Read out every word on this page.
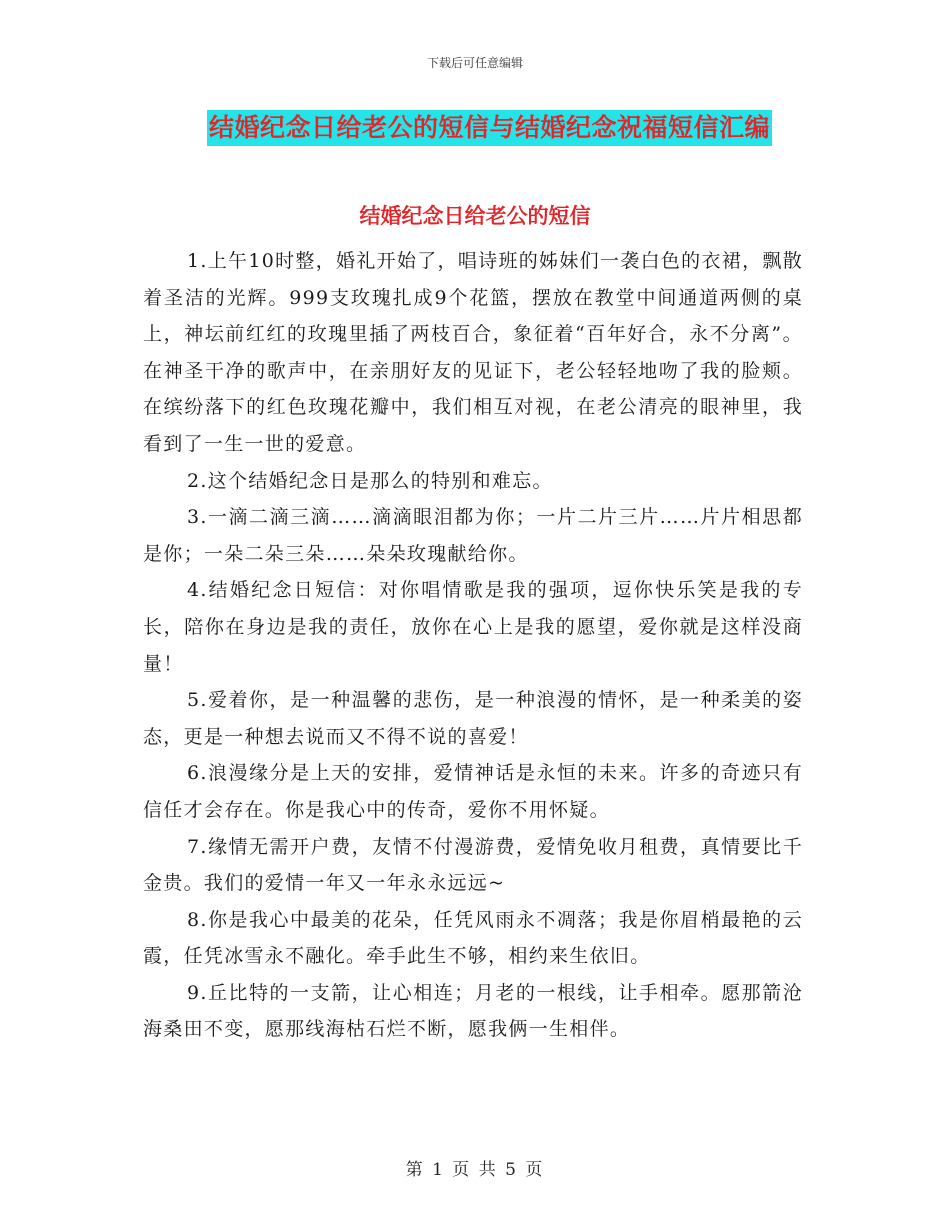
下载后可任意编辑
结婚纪念日给老公的短信与结婚纪念祝福短信汇编
结婚纪念日给老公的短信

1.上午10时整，婚礼开始了，唱诗班的姊妹们一袭白色的衣裙，飘散着圣洁的光辉。999支玫瑰扎成9个花篮，摆放在教堂中间通道两侧的桌上，神坛前红红的玫瑰里插了两枝百合，象征着“百年好合，永不分离”。在神圣干净的歌声中，在亲朋好友的见证下，老公轻轻地吻了我的脸颊。在缤纷落下的红色玫瑰花瓣中，我们相互对视，在老公清亮的眼神里，我看到了一生一世的爱意。

2.这个结婚纪念日是那么的特别和难忘。

3.一滴二滴三滴……滴滴眼泪都为你；一片二片三片……片片相思都是你；一朵二朵三朵……朵朵玫瑰献给你。

4.结婚纪念日短信：对你唱情歌是我的强项，逗你快乐笑是我的专长，陪你在身边是我的责任，放你在心上是我的愿望，爱你就是这样没商量！

5.爱着你，是一种温馨的悲伤，是一种浪漫的情怀，是一种柔美的姿态，更是一种想去说而又不得不说的喜爱！

6.浪漫缘分是上天的安排，爱情神话是永恒的未来。许多的奇迹只有信任才会存在。你是我心中的传奇，爱你不用怀疑。

7.缘情无需开户费，友情不付漫游费，爱情免收月租费，真情要比千金贵。我们的爱情一年又一年永永远远~

8.你是我心中最美的花朵，任凭风雨永不凋落；我是你眉梢最艳的云霞，任凭冰雪永不融化。牵手此生不够，相约来生依旧。

9.丘比特的一支箭，让心相连；月老的一根线，让手相牵。愿那箭沧海桑田不变，愿那线海枯石烂不断，愿我俩一生相伴。

第 1 页 共 5 页
